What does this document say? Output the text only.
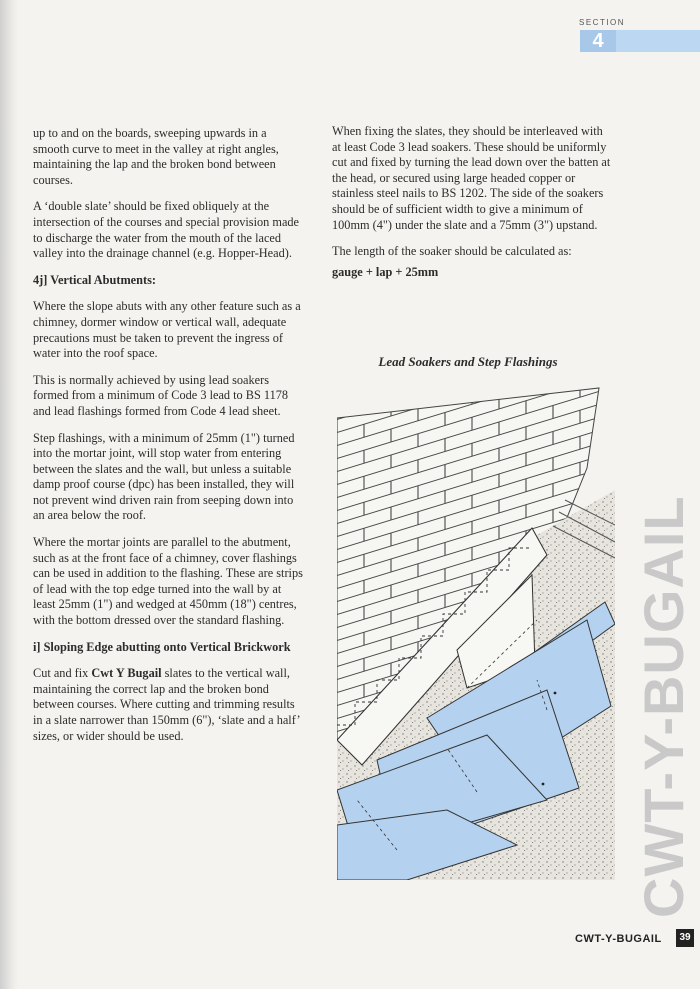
SECTION
4

up to and on the boards, sweeping upwards in a smooth curve to meet in the valley at right angles, maintaining the lap and the broken bond between courses.

A ‘double slate’ should be fixed obliquely at the intersection of the courses and special provision made to discharge the water from the mouth of the laced valley into the drainage channel (e.g. Hopper-Head).

4j] Vertical Abutments:

Where the slope abuts with any other feature such as a chimney, dormer window or vertical wall, adequate precautions must be taken to prevent the ingress of water into the roof space.

This is normally achieved by using lead soakers formed from a minimum of Code 3 lead to BS 1178 and lead flashings formed from Code 4 lead sheet.

Step flashings, with a minimum of 25mm (1") turned into the mortar joint, will stop water from entering between the slates and the wall, but unless a suitable damp proof course (dpc) has been installed, they will not prevent wind driven rain from seeping down into an area below the roof.

Where the mortar joints are parallel to the abutment, such as at the front face of a chimney, cover flashings can be used in addition to the flashing. These are strips of lead with the top edge turned into the wall by at least 25mm (1") and wedged at 450mm (18") centres, with the bottom dressed over the standard flashing.

i] Sloping Edge abutting onto Vertical Brickwork

Cut and fix Cwt Y Bugail slates to the vertical wall, maintaining the correct lap and the broken bond between courses. Where cutting and trimming results in a slate narrower than 150mm (6"), ‘slate and a half’ sizes, or wider should be used.

When fixing the slates, they should be interleaved with at least Code 3 lead soakers. These should be uniformly cut and fixed by turning the lead down over the batten at the head, or secured using large headed copper or stainless steel nails to BS 1202. The side of the soakers should be of sufficient width to give a minimum of 100mm (4") under the slate and a 75mm (3") upstand.

The length of the soaker should be calculated as:

gauge + lap + 25mm

Lead Soakers and Step Flashings
CWT-Y-BUGAIL
CWT-Y-BUGAIL	39
